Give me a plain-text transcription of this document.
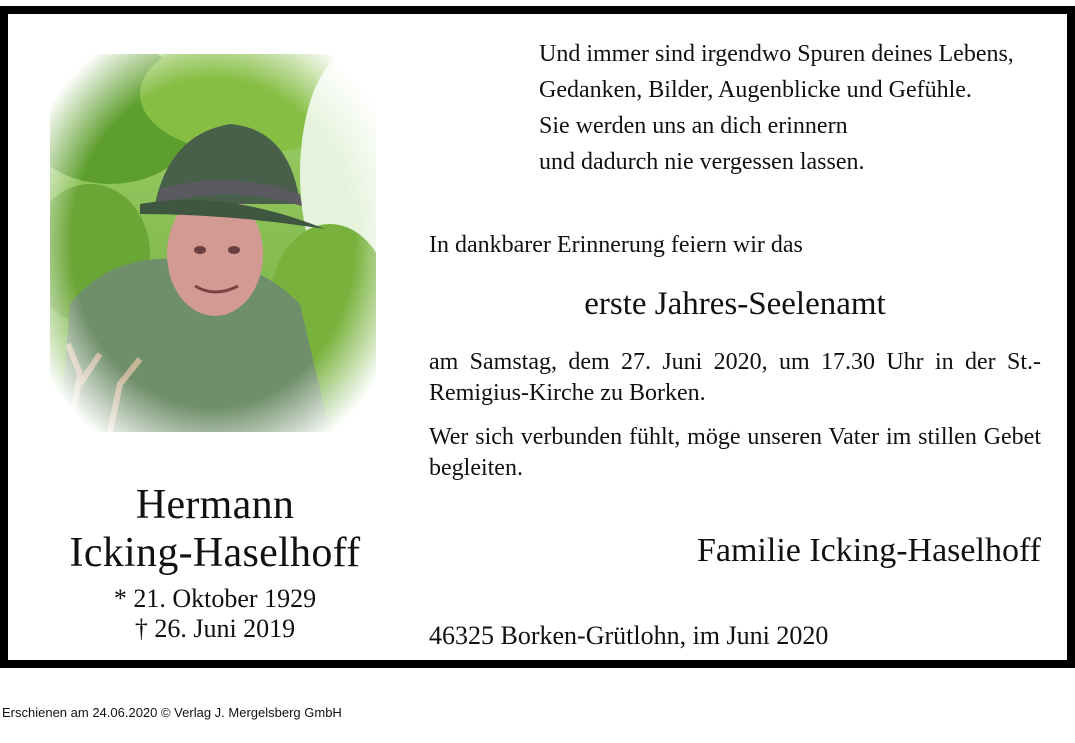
Hermann
Icking-Haselhoff
* 21. Oktober 1929
† 26. Juni 2019
Und immer sind irgendwo Spuren deines Lebens,
Gedanken, Bilder, Augenblicke und Gefühle.
Sie werden uns an dich erinnern
und dadurch nie vergessen lassen.
In dankbarer Erinnerung feiern wir das
erste Jahres-Seelenamt
am Samstag, dem 27. Juni 2020, um 17.30 Uhr in der St.-Remigius-Kirche zu Borken.
Wer sich verbunden fühlt, möge unseren Vater im stillen Gebet begleiten.
Familie Icking-Haselhoff
46325 Borken-Grütlohn, im Juni 2020
Erschienen am 24.06.2020 © Verlag J. Mergelsberg GmbH
